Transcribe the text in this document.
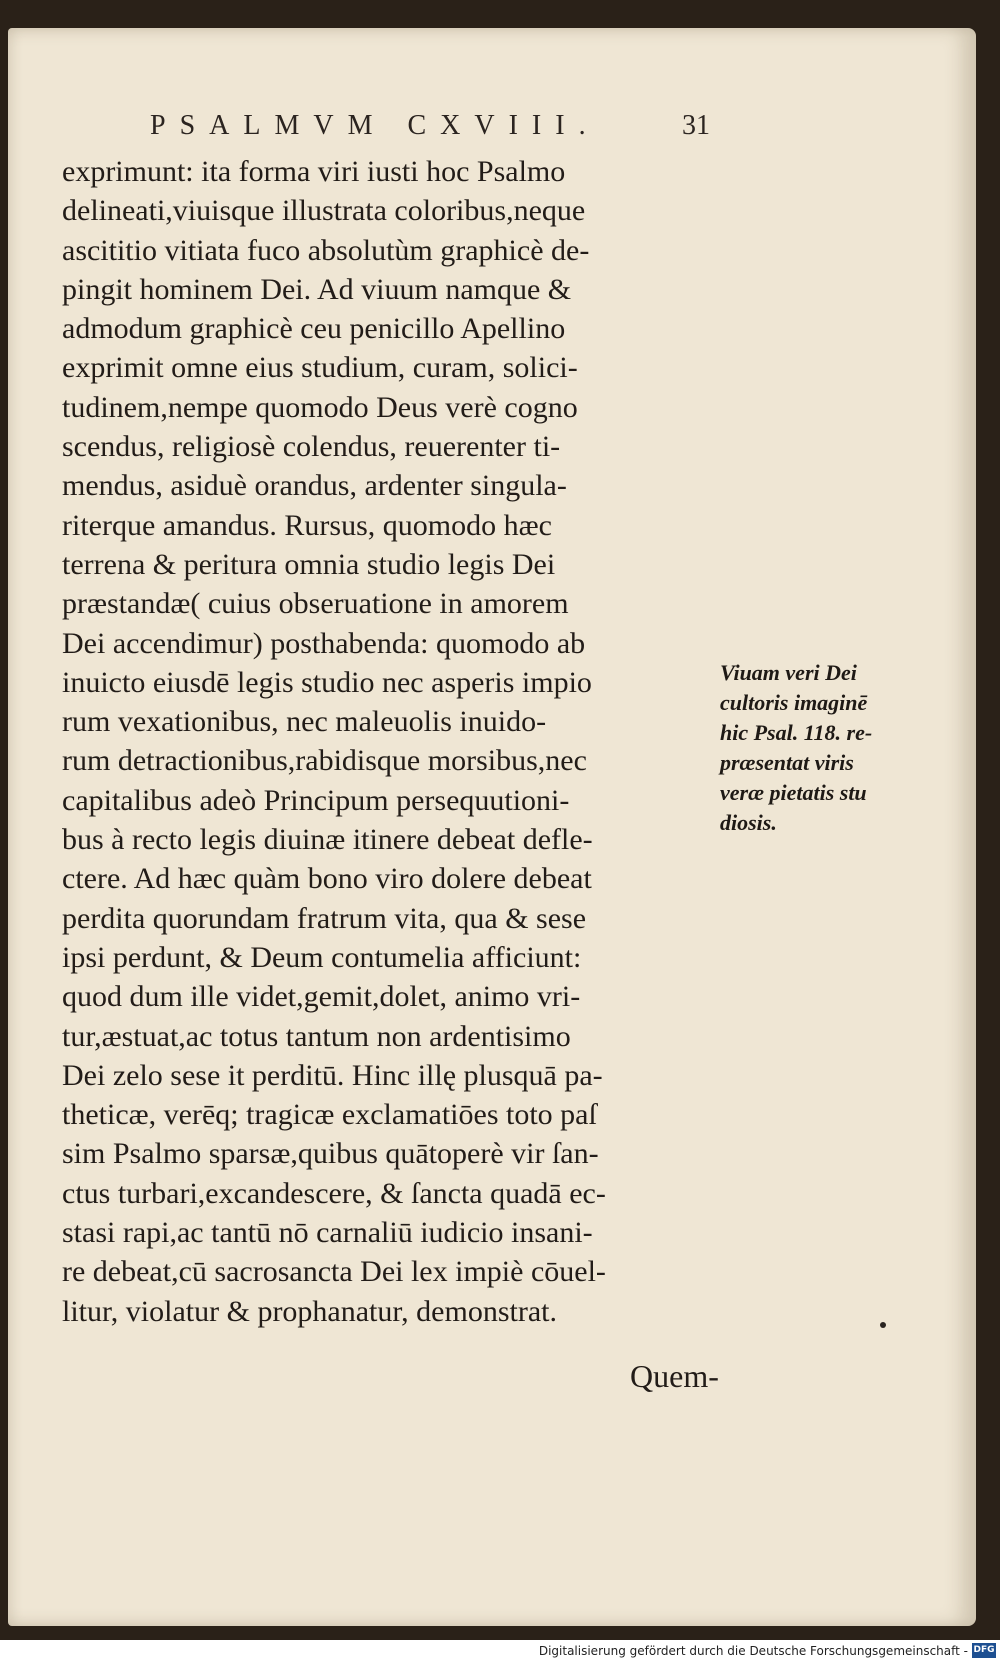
PSALMVM CXVIII.	31
exprimunt: ita forma viri iusti hoc Psalmo
delineati,viuisque illustrata coloribus,neque
ascititio vitiata fuco absolutùm graphicè de-
pingit hominem Dei. Ad viuum namque &
admodum graphicè ceu penicillo Apellino
exprimit omne eius studium, curam, solici-
tudinem,nempe quomodo Deus verè cogno
scendus, religiosè colendus, reuerenter ti-
mendus, asiduè orandus, ardenter singula-
riterque amandus. Rursus, quomodo hæc
terrena & peritura omnia studio legis Dei
præstandæ( cuius obseruatione in amorem
Dei accendimur) posthabenda: quomodo ab
inuicto eiusdē legis studio nec asperis impio
rum vexationibus, nec maleuolis inuido-
rum detractionibus,rabidisque morsibus,nec
capitalibus adeò Principum persequutioni-
bus à recto legis diuinæ itinere debeat defle-
ctere. Ad hæc quàm bono viro dolere debeat
perdita quorundam fratrum vita, qua & sese
ipsi perdunt, & Deum contumelia afficiunt:
quod dum ille videt,gemit,dolet, animo vri-
tur,æstuat,ac totus tantum non ardentisimo
Dei zelo sese it perditū. Hinc illę plusquā pa-
theticæ, verēq; tragicæ exclamatiōes toto paſ
sim Psalmo sparsæ,quibus quātoperè vir ſan-
ctus turbari,excandescere, & ſancta quadā ec-
stasi rapi,ac tantū nō carnaliū iudicio insani-
re debeat,cū sacrosancta Dei lex impiè cōuel-
litur, violatur & prophanatur, demonstrat.
Viuam veri Dei
cultoris imaginē
hic Psal. 118. re-
præsentat viris
veræ pietatis stu
diosis.
Quem-
Digitalisierung gefördert durch die Deutsche Forschungsgemeinschaft - DFG
